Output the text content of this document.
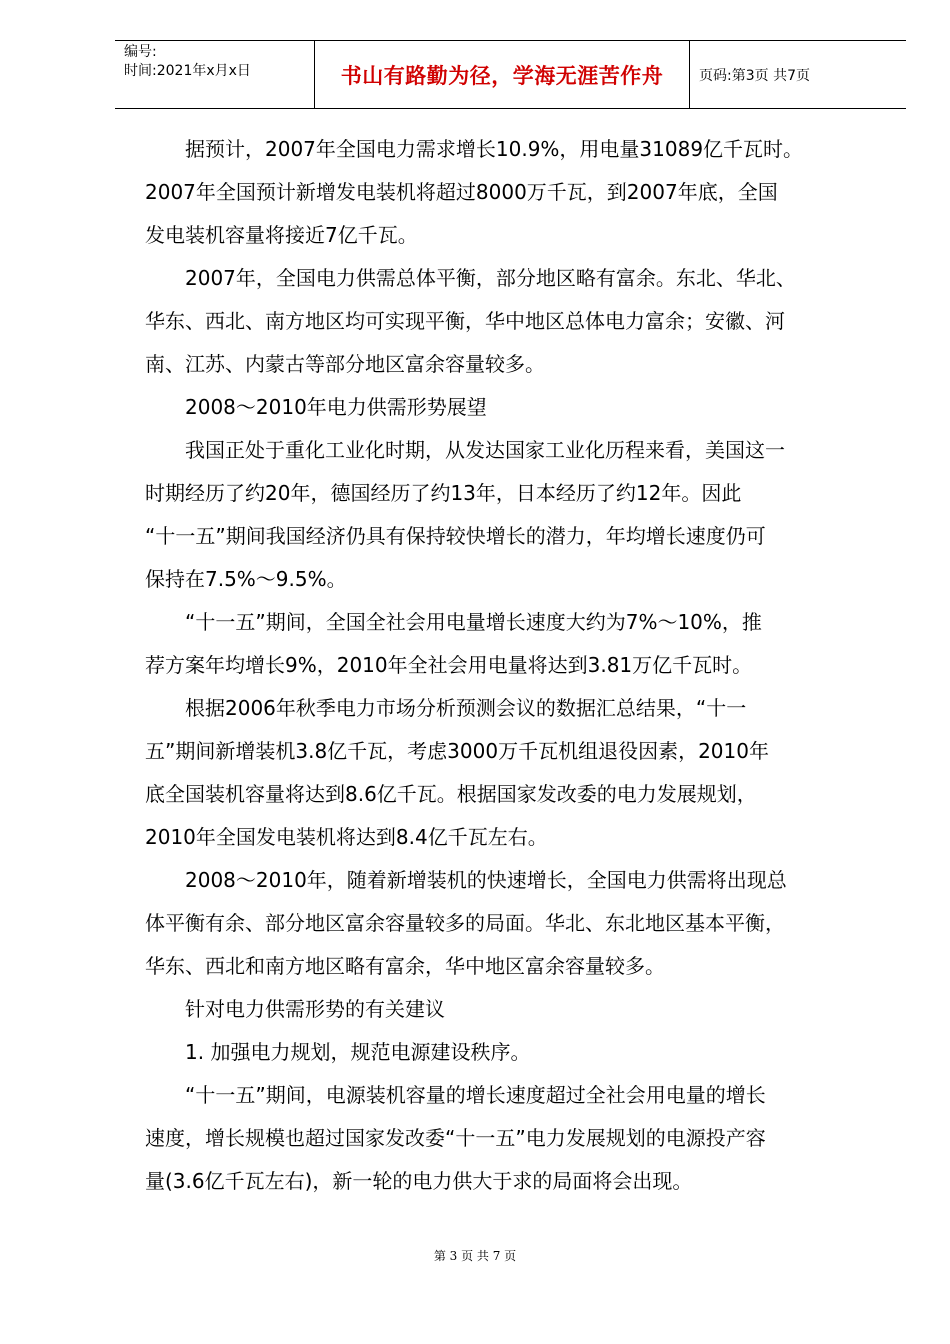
编号:
时间:2021年x月x日	书山有路勤为径，学海无涯苦作舟	页码:第3页 共7页

　　据预计，2007年全国电力需求增长10.9%，用电量31089亿千瓦时。

2007年全国预计新增发电装机将超过8000万千瓦，到2007年底，全国

发电装机容量将接近7亿千瓦。

　　2007年，全国电力供需总体平衡，部分地区略有富余。东北、华北、

华东、西北、南方地区均可实现平衡，华中地区总体电力富余；安徽、河

南、江苏、内蒙古等部分地区富余容量较多。

　　2008～2010年电力供需形势展望

　　我国正处于重化工业化时期，从发达国家工业化历程来看，美国这一

时期经历了约20年，德国经历了约13年，日本经历了约12年。因此

“十一五”期间我国经济仍具有保持较快增长的潜力，年均增长速度仍可

保持在7.5%～9.5%。

　　“十一五”期间，全国全社会用电量增长速度大约为7%～10%，推

荐方案年均增长9%，2010年全社会用电量将达到3.81万亿千瓦时。

　　根据2006年秋季电力市场分析预测会议的数据汇总结果，“十一

五”期间新增装机3.8亿千瓦，考虑3000万千瓦机组退役因素，2010年

底全国装机容量将达到8.6亿千瓦。根据国家发改委的电力发展规划，

2010年全国发电装机将达到8.4亿千瓦左右。

　　2008～2010年，随着新增装机的快速增长，全国电力供需将出现总

体平衡有余、部分地区富余容量较多的局面。华北、东北地区基本平衡，

华东、西北和南方地区略有富余，华中地区富余容量较多。

　　针对电力供需形势的有关建议

　　1. 加强电力规划，规范电源建设秩序。

　　“十一五”期间，电源装机容量的增长速度超过全社会用电量的增长

速度，增长规模也超过国家发改委“十一五”电力发展规划的电源投产容

量(3.6亿千瓦左右)，新一轮的电力供大于求的局面将会出现。

第 3 页 共 7 页
